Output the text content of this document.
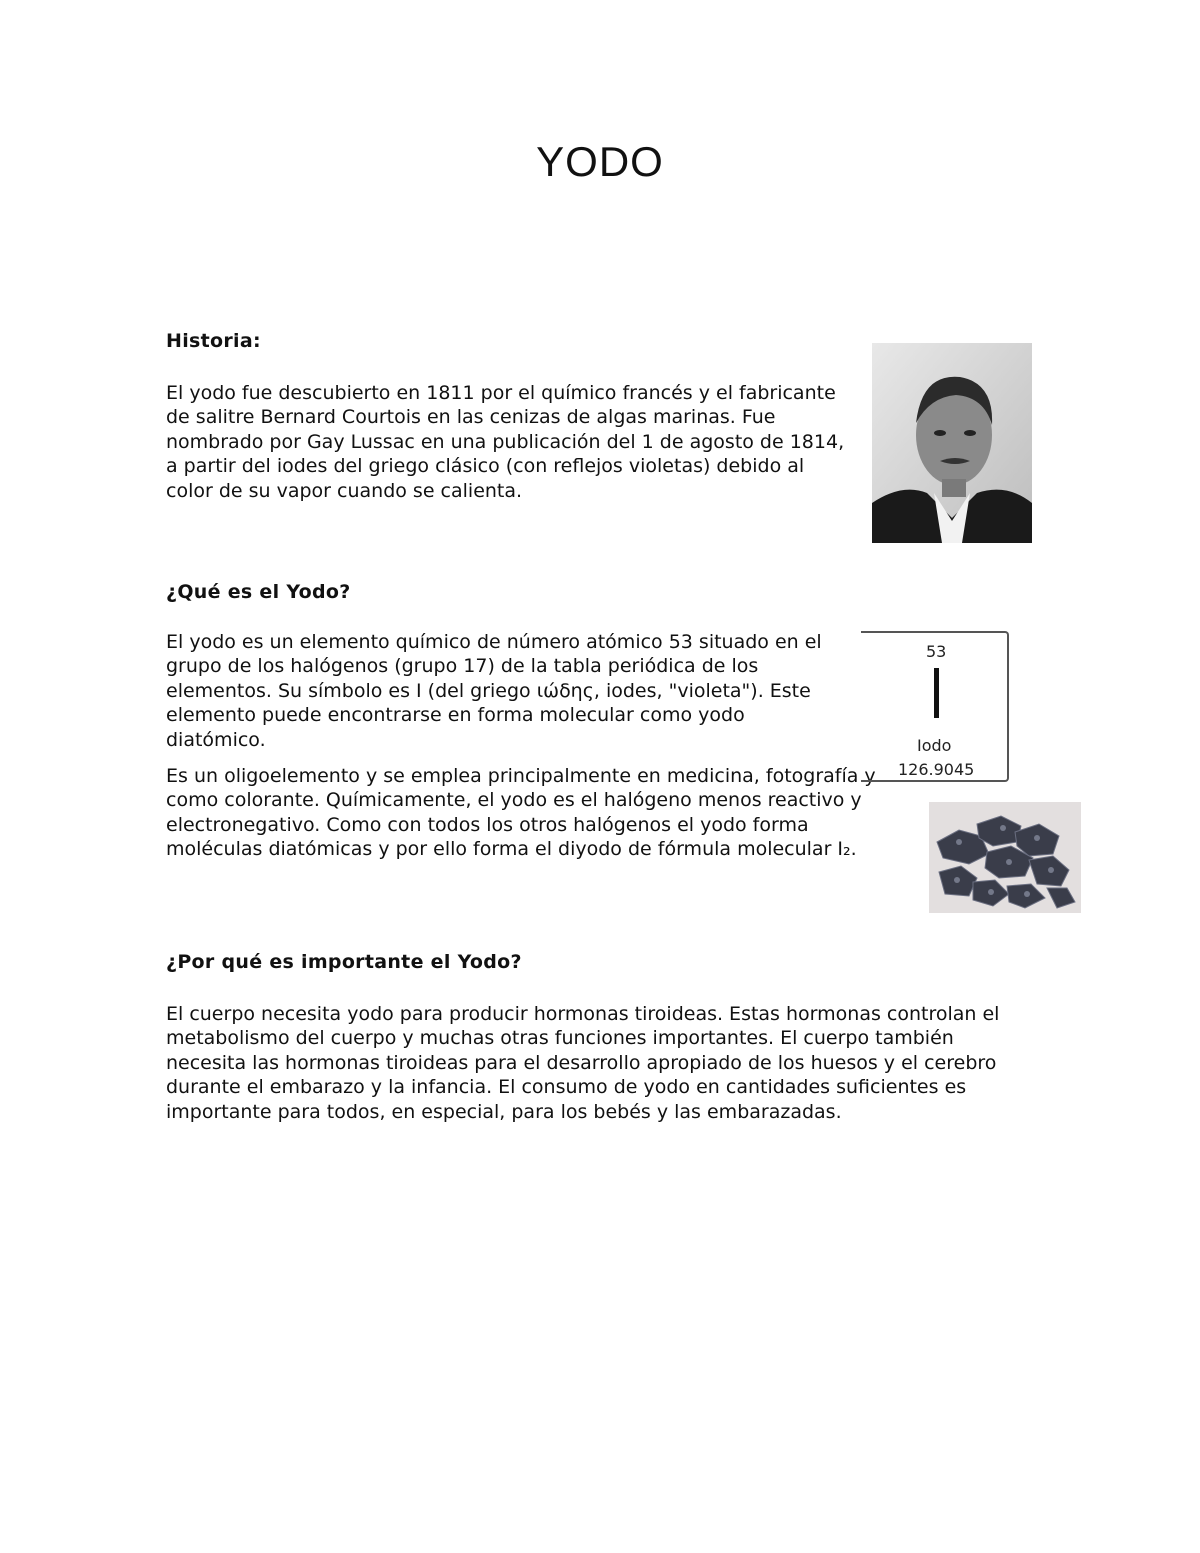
YODO
Historia:

El yodo fue descubierto en 1811 por el químico francés y el fabricante de salitre Bernard Courtois en las cenizas de algas marinas. Fue nombrado por Gay Lussac en una publicación del 1 de agosto de 1814, a partir del iodes del griego clásico (con reflejos violetas) debido al color de su vapor cuando se calienta.

¿Qué es el Yodo?

El yodo es un elemento químico de número atómico 53 situado en el grupo de los halógenos (grupo 17) de la tabla periódica de los elementos. Su símbolo es I (del griego ιώδης, iodes, "violeta"). Este elemento puede encontrarse en forma molecular como yodo diatómico.

Es un oligoelemento y se emplea principalmente en medicina, fotografía y como colorante. Químicamente, el yodo es el halógeno menos reactivo y electronegativo. Como con todos los otros halógenos el yodo forma moléculas diatómicas y por ello forma el diyodo de fórmula molecular I₂.

53
Iodo
126.9045
¿Por qué es importante el Yodo?

El cuerpo necesita yodo para producir hormonas tiroideas. Estas hormonas controlan el metabolismo del cuerpo y muchas otras funciones importantes. El cuerpo también necesita las hormonas tiroideas para el desarrollo apropiado de los huesos y el cerebro durante el embarazo y la infancia. El consumo de yodo en cantidades suficientes es importante para todos, en especial, para los bebés y las embarazadas.
